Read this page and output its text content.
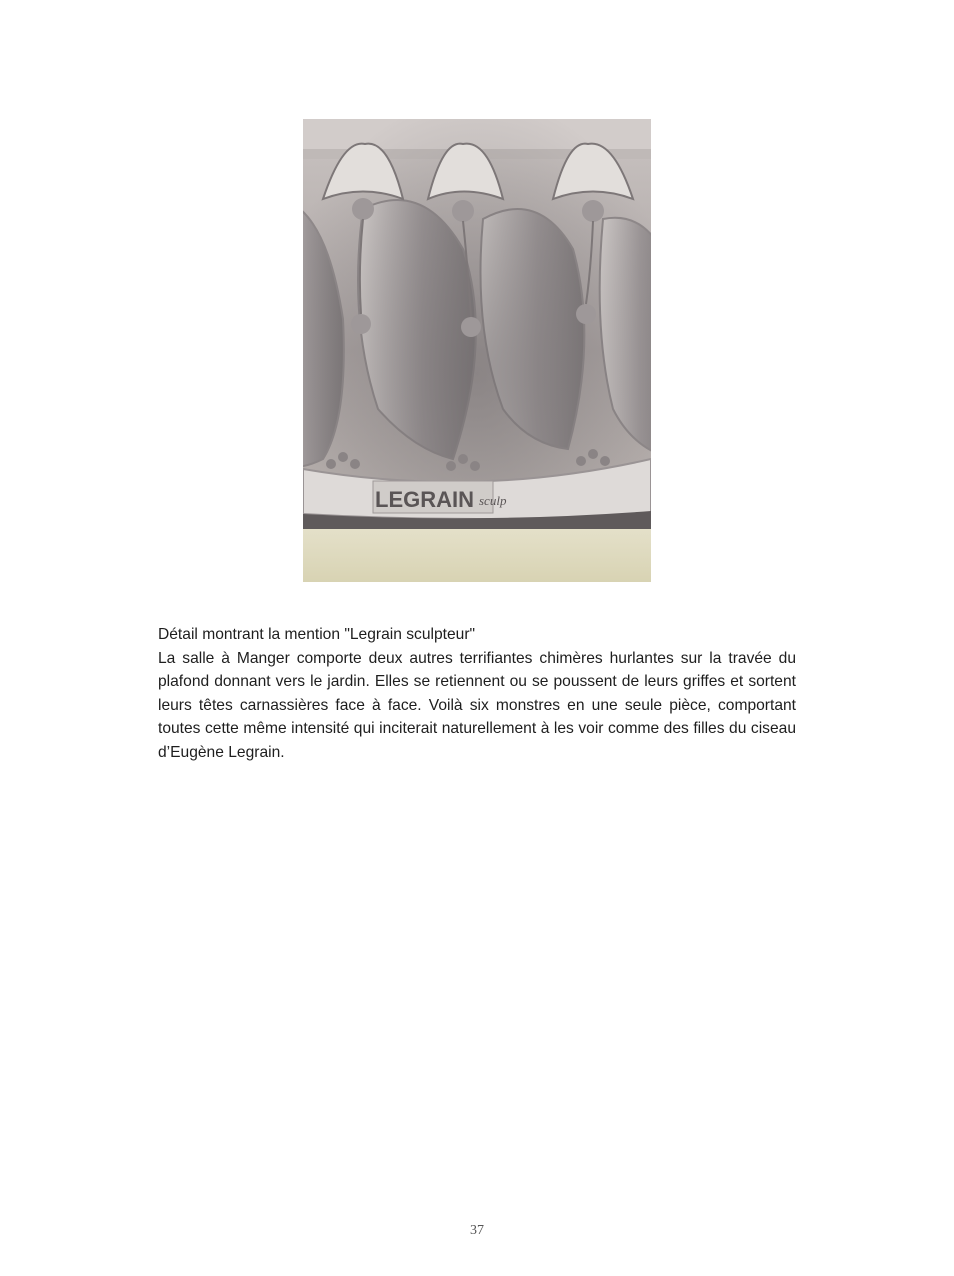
LEGRAIN sculp

Détail montrant la mention "Legrain sculpteur"

La salle à Manger comporte deux autres terrifiantes chimères hurlantes sur la travée du plafond donnant vers le jardin. Elles se retiennent ou se poussent de leurs griffes et sortent leurs têtes carnassières face à face. Voilà six monstres en une seule pièce, comportant toutes cette même intensité qui inciterait naturellement à les voir comme des filles du ciseau d’Eugène Legrain.

37
